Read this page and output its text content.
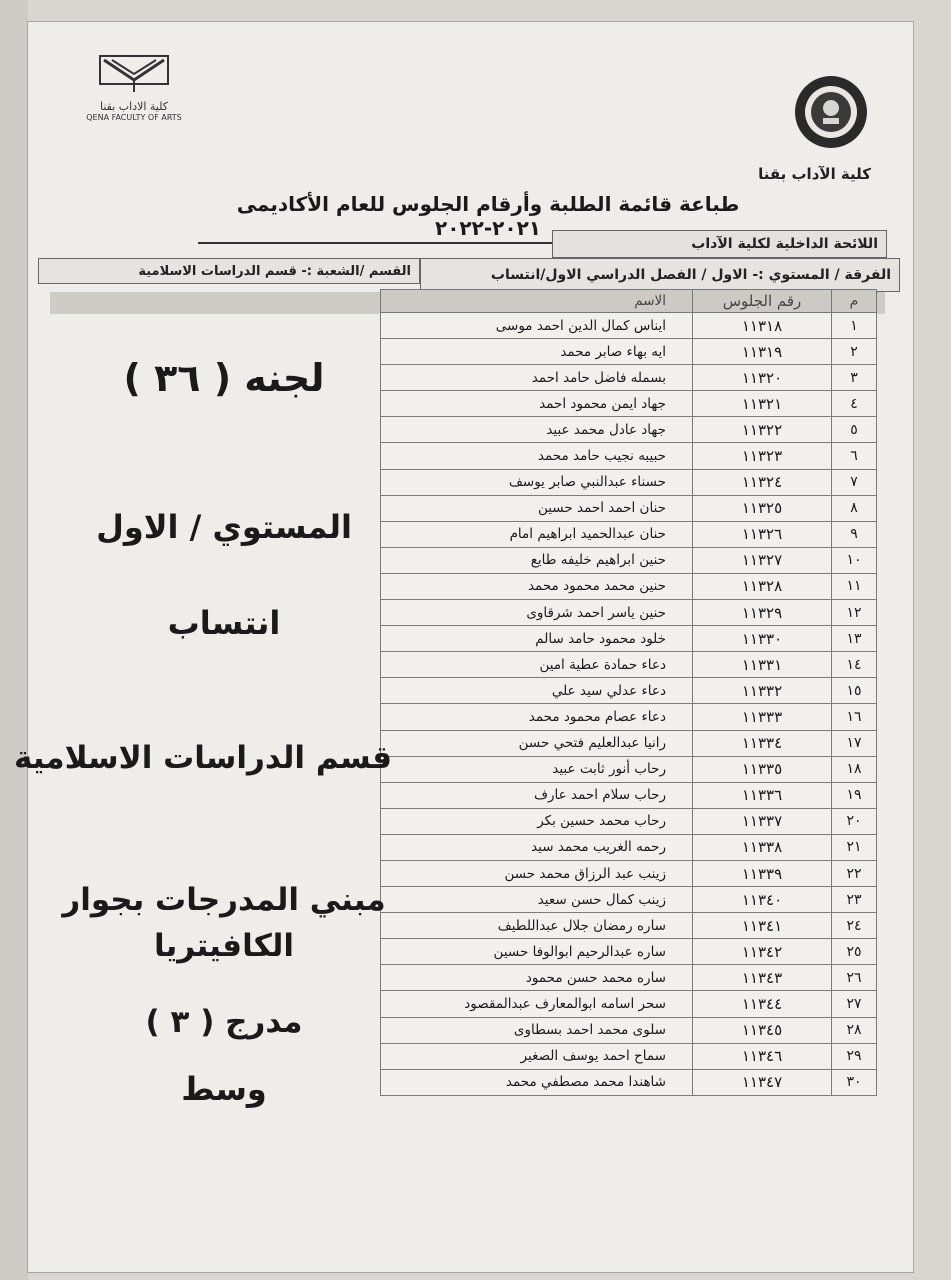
كلية الاداب بقنا
QENA FACULTY OF ARTS
كلية الآداب بقنا
طباعة قائمة الطلبة وأرقام الجلوس للعام الأكاديمى ٢٠٢١-٢٠٢٢
اللائحة الداخلية لكلية الآداب
الفرقة / المستوي :- الاول / الفصل الدراسي الاول/انتساب
القسم /الشعبة :- قسم الدراسات الاسلامية
م	رقم الجلوس	الاسم
١	١١٣١٨	ايناس كمال الدين احمد موسى
٢	١١٣١٩	ايه بهاء صابر محمد
٣	١١٣٢٠	بسمله فاضل حامد احمد
٤	١١٣٢١	جهاد ايمن محمود احمد
٥	١١٣٢٢	جهاد عادل محمد عبيد
٦	١١٣٢٣	حبيبه نجيب حامد محمد
٧	١١٣٢٤	حسناء عبدالنبي صابر يوسف
٨	١١٣٢٥	حنان احمد احمد حسين
٩	١١٣٢٦	حنان عبدالحميد ابراهيم امام
١٠	١١٣٢٧	حنين ابراهيم خليفه طايع
١١	١١٣٢٨	حنين محمد محمود محمد
١٢	١١٣٢٩	حنين ياسر احمد شرقاوى
١٣	١١٣٣٠	خلود محمود حامد سالم
١٤	١١٣٣١	دعاء حمادة عطية امين
١٥	١١٣٣٢	دعاء عدلي سيد علي
١٦	١١٣٣٣	دعاء عصام محمود محمد
١٧	١١٣٣٤	رانيا عبدالعليم فتحي حسن
١٨	١١٣٣٥	رحاب أنور ثابت عبيد
١٩	١١٣٣٦	رحاب سلام احمد عارف
٢٠	١١٣٣٧	رحاب محمد حسين بكر
٢١	١١٣٣٨	رحمه الغريب محمد سيد
٢٢	١١٣٣٩	زينب عبد الرزاق محمد حسن
٢٣	١١٣٤٠	زينب كمال حسن سعيد
٢٤	١١٣٤١	ساره رمضان جلال عبداللطيف
٢٥	١١٣٤٢	ساره عبدالرحيم ابوالوفا حسين
٢٦	١١٣٤٣	ساره محمد حسن محمود
٢٧	١١٣٤٤	سحر اسامه ابوالمعارف عبدالمقصود
٢٨	١١٣٤٥	سلوى محمد احمد بسطاوى
٢٩	١١٣٤٦	سماح احمد يوسف الصغير
٣٠	١١٣٤٧	شاهندا محمد مصطفي محمد
لجنه ( ٣٦ )
المستوي / الاول
انتساب
قسم الدراسات الاسلامية
مبني المدرجات بجوار
الكافيتريا
مدرج ( ٣ )
وسط
